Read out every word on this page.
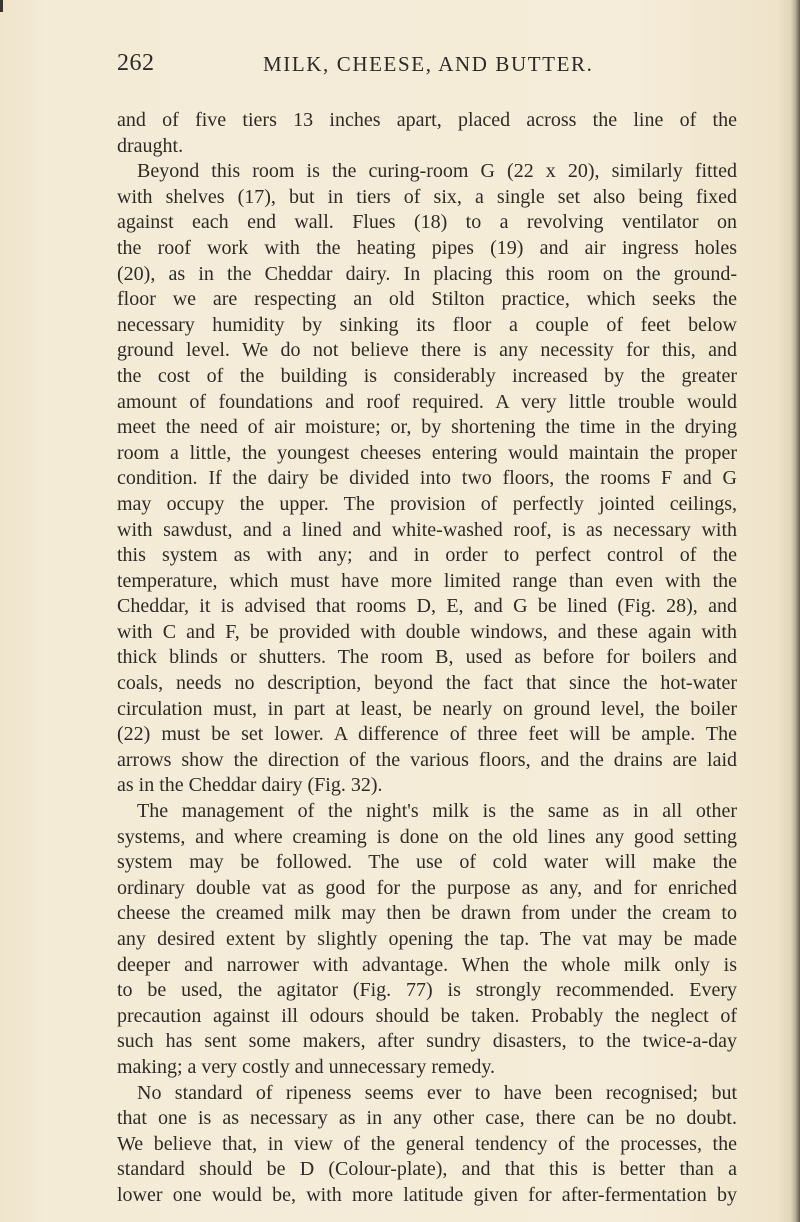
262	MILK, CHEESE, AND BUTTER.
and of five tiers 13 inches apart, placed across the line of the
draught.
Beyond this room is the curing-room G (22 x 20), similarly fitted
with shelves (17), but in tiers of six, a single set also being fixed
against each end wall. Flues (18) to a revolving ventilator on
the roof work with the heating pipes (19) and air ingress holes
(20), as in the Cheddar dairy. In placing this room on the ground-
floor we are respecting an old Stilton practice, which seeks the
necessary humidity by sinking its floor a couple of feet below
ground level. We do not believe there is any necessity for this, and
the cost of the building is considerably increased by the greater
amount of foundations and roof required. A very little trouble would
meet the need of air moisture; or, by shortening the time in the drying
room a little, the youngest cheeses entering would maintain the proper
condition. If the dairy be divided into two floors, the rooms F and G
may occupy the upper. The provision of perfectly jointed ceilings,
with sawdust, and a lined and white-washed roof, is as necessary with
this system as with any; and in order to perfect control of the
temperature, which must have more limited range than even with the
Cheddar, it is advised that rooms D, E, and G be lined (Fig. 28), and
with C and F, be provided with double windows, and these again with
thick blinds or shutters. The room B, used as before for boilers and
coals, needs no description, beyond the fact that since the hot-water
circulation must, in part at least, be nearly on ground level, the boiler
(22) must be set lower. A difference of three feet will be ample. The
arrows show the direction of the various floors, and the drains are laid
as in the Cheddar dairy (Fig. 32).
The management of the night's milk is the same as in all other
systems, and where creaming is done on the old lines any good setting
system may be followed. The use of cold water will make the
ordinary double vat as good for the purpose as any, and for enriched
cheese the creamed milk may then be drawn from under the cream to
any desired extent by slightly opening the tap. The vat may be made
deeper and narrower with advantage. When the whole milk only is
to be used, the agitator (Fig. 77) is strongly recommended. Every
precaution against ill odours should be taken. Probably the neglect of
such has sent some makers, after sundry disasters, to the twice-a-day
making; a very costly and unnecessary remedy.
No standard of ripeness seems ever to have been recognised; but
that one is as necessary as in any other case, there can be no doubt.
We believe that, in view of the general tendency of the processes, the
standard should be D (Colour-plate), and that this is better than a
lower one would be, with more latitude given for after-fermentation by
